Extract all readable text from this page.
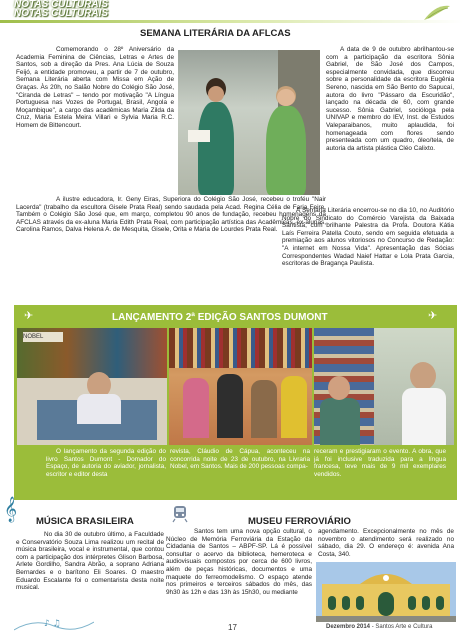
NOTAS CULTURAIS
NOTAS CULTURAIS
SEMANA LITERÁRIA DA AFLCAS

Comemorando o 28º Aniversário da Academia Feminina de Ciências, Letras e Artes de Santos, sob a direção da Pres. Ana Lúcia de Souza Feijó, a entidade promoveu, a partir de 7 de outubro, Semana Literária aberta com Missa em Ação de Graças. Às 20h, no Salão Nobre do Colégio São José, "Ciranda de Letras" – tendo por motivação "A Língua Portuguesa nas Vozes de Portugal, Brasil, Angola e Moçambique", a cargo das acadêmicas Maria Zilda da Cruz, Maria Estela Meira Villari e Sylvia Maria R.C. Homem de Bittencourt.

A ilustre educadora, Ir. Geny Eiras, Superiora do Colégio São José, recebeu o troféu "Nair Lacerda" (trabalho da escultora Gisele Prata Real) sendo saudada pela Acad. Regina Célia de Faria Feire. Também o Colégio São José que, em março, completou 90 anos de fundação, recebeu homenagens da AFCLAS através da ex-aluna Maria Edith Prata Real, com participação artística das Acadêmicas, ex-alunas, Carolina Ramos, Dalva Helena A. de Mesquita, Gisele, Orita e Maria de Lourdes Prata Real.

A data de 9 de outubro abrilhantou-se com a participação da escritora Sônia Gabriel, de São José dos Campos, especialmente convidada, que discorreu sobre a personalidade da escritora Eugênia Sereno, nascida em São Bento do Sapucaí, autora do livro "Pássaro da Escuridão", lançado na década de 60, com grande sucesso. Sônia Gabriel, socióloga pela UNIVAP e membro do IEV, Inst. de Estudos Valeparaibanos, muito aplaudida, foi homenageada com flores sendo presenteada com um quadro, óleo/tela, de autoria da artista plástica Cléo Calixto.

A Semana Literária encerrou-se no dia 10, no Auditório Nobre do Sindicato do Comércio Varejista da Baixada Santista, com brilhante Palestra da Profa. Doutora Kátia Laís Ferreira Patella Couto, sendo em seguida efetuada a premiação aos alunos vitoriosos no Concurso de Redação: "A internet em Nossa Vida". Apresentação das Sócias Correspondentes Wadad Naief Hattar e Lola Prata Garcia, escritoras de Bragança Paulista.

✈	✈
LANÇAMENTO 2ª EDIÇÃO SANTOS DUMONT
NOBEL
O lançamento da segunda edição do livro Santos Dumont - Domador do Espaço, de autoria do aviador, jornalista, escritor e editor desta
revista, Cláudio de Cápua, aconteceu na concorrida noite de 23 de outubro, na Livraria Nobel, em Santos. Mais de 200 pessoas compa-
receram e prestigiaram o evento. A obra, que já foi inclusive traduzida para a língua francesa, teve mais de 9 mil exemplares vendidos.
𝄞
MÚSICA BRASILEIRA
No dia 30 de outubro último, a Faculdade e Conservatório Souza Lima realizou um recital de música brasileira, vocal e instrumental, que contou com a participação dos intérpretes Glison Barbosa, Arlete Gordilho, Sandra Abrão, a soprano Adriana Bernardes e o barítono Eli Soares. O maestro Eduardo Escalante foi o comentarista desta noite musical.
♪ ♫
MUSEU FERROVIÁRIO
Santos tem uma nova opção cultural, o Núcleo de Memória Ferroviária da Estação da Cidadania de Santos – ABPF-SP. Lá é possível consultar o acervo da biblioteca, hemeroteca e audiovisuais compostos por cerca de 600 livros, além de peças históricas, documentos e uma maquete do ferreomodelismo. O espaço atende nos primeiros e terceiros sábados do mês, das 9h30 às 12h e das 13h às 15h30, ou mediante
agendamento. Excepcionalmente no mês de novembro o atendimento será realizado no sábado, dia 29. O endereço é: avenida Ana Costa, 340.
17	Dezembro 2014 - Santos Arte e Cultura
